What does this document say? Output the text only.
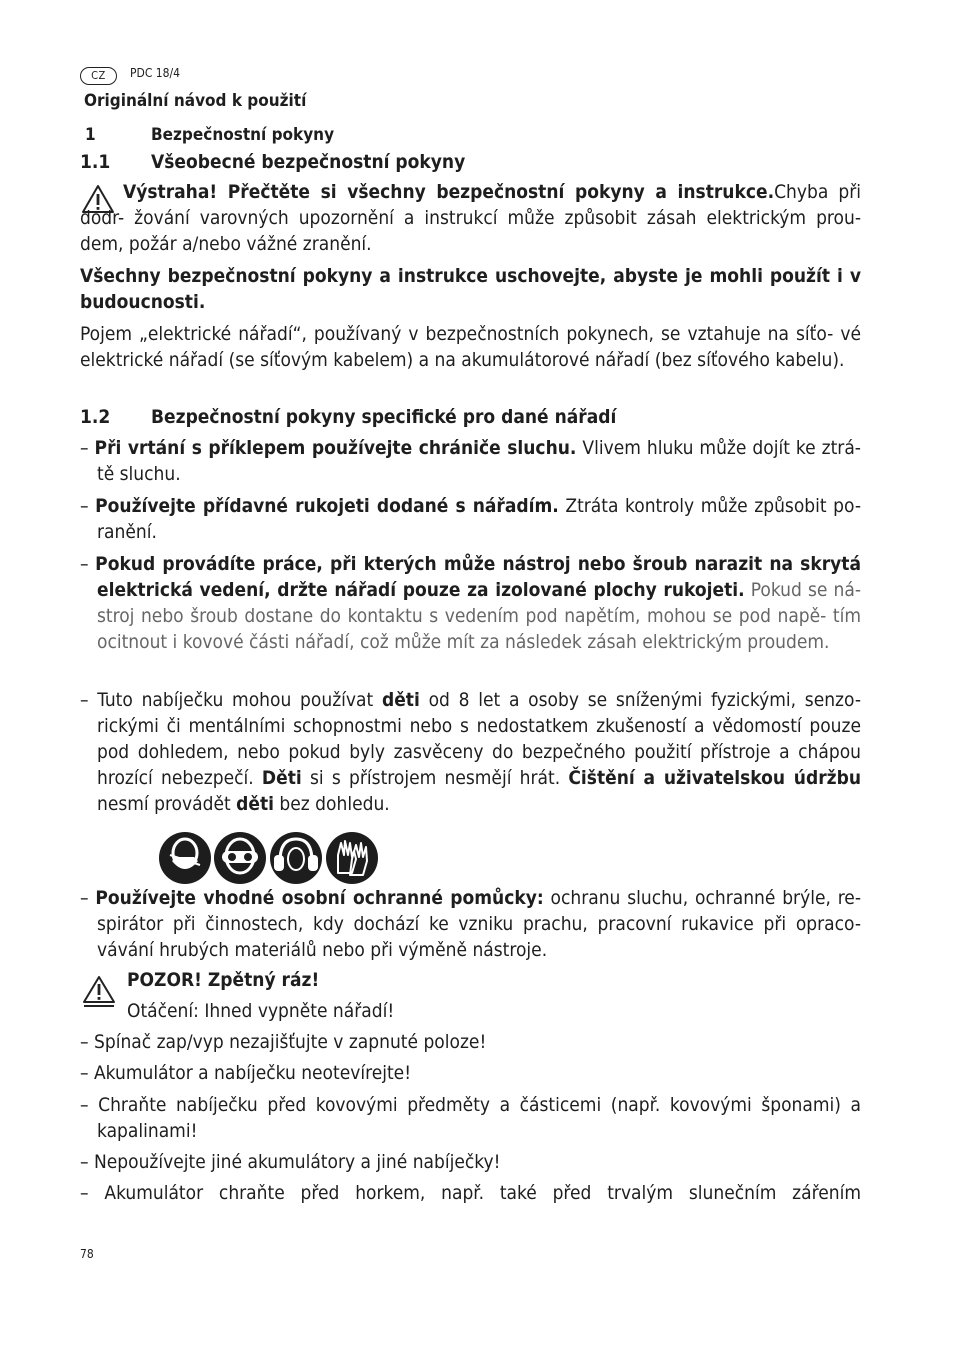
CZ	PDC 18/4
Originální návod k použití
1	Bezpečnostní pokyny
1.1 Všeobecné bezpečnostní pokyny
Výstraha! Přečtěte si všechny bezpečnostní pokyny a instrukce.Chyba při dodr- žování varovných upozornění a instrukcí může způsobit zásah elektrickým prou- dem, požár a/nebo vážné zranění.
Všechny bezpečnostní pokyny a instrukce uschovejte, abyste je mohli použít i v budoucnosti.
Pojem „elektrické nářadí“, používaný v bezpečnostních pokynech, se vztahuje na síťo- vé elektrické nářadí (se síťovým kabelem) a na akumulátorové nářadí (bez síťového kabelu).
1.2 Bezpečnostní pokyny specifické pro dané nářadí
– Při vrtání s příklepem používejte chrániče sluchu. Vlivem hluku může dojít ke ztrá- tě sluchu.
– Používejte přídavné rukojeti dodané s nářadím. Ztráta kontroly může způsobit po- ranění.
– Pokud provádíte práce, při kterých může nástroj nebo šroub narazit na skrytá elektrická vedení, držte nářadí pouze za izolované plochy rukojeti. Pokud se ná- stroj nebo šroub dostane do kontaktu s vedením pod napětím, mohou se pod napě- tím ocitnout i kovové části nářadí, což může mít za následek zásah elektrickým proudem.
– Tuto nabíječku mohou používat děti od 8 let a osoby se sníženými fyzickými, senzo- rickými či mentálními schopnostmi nebo s nedostatkem zkušeností a vědomostí pouze pod dohledem, nebo pokud byly zasvěceny do bezpečného použití přístroje a chápou hrozící nebezpečí. Děti si s přístrojem nesmějí hrát. Čištění a uživatelskou údržbu nesmí provádět děti bez dohledu.
– Používejte vhodné osobní ochranné pomůcky: ochranu sluchu, ochranné brýle, re- spirátor při činnostech, kdy dochází ke vzniku prachu, pracovní rukavice při opraco- vávání hrubých materiálů nebo při výměně nástroje.
POZOR! Zpětný ráz!
Otáčení: Ihned vypněte nářadí!
– Spínač zap/vyp nezajišťujte v zapnuté poloze!
– Akumulátor a nabíječku neotevírejte!
– Chraňte nabíječku před kovovými předměty a částicemi (např. kovovými šponami) a kapalinami!
– Nepoužívejte jiné akumulátory a jiné nabíječky!
– Akumulátor chraňte před horkem, např. také před trvalým slunečním zářením
78
